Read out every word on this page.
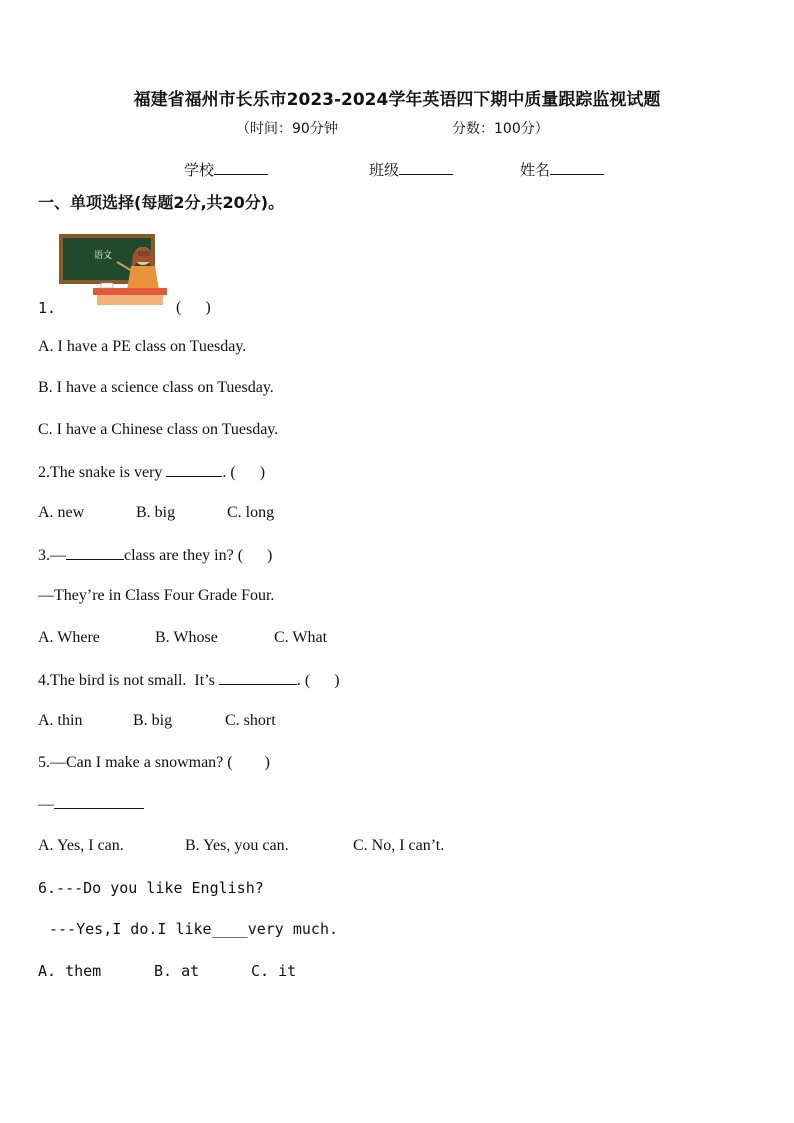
福建省福州市长乐市2023-2024学年英语四下期中质量跟踪监视试题
（时间：90分钟	分数：100分）
学校	班级	姓名
一、单项选择(每题2分,共20分)。
语文
1.	(      )
A. I have a PE class on Tuesday.
B. I have a science class on Tuesday.
C. I have a Chinese class on Tuesday.
2.The snake is very	. (      )
A. new	B. big	C. long
3.—	class are they in? (      )
—They’re in Class Four Grade Four.
A. Where	B. Whose	C. What
4.The bird is not small.  It’s	. (      )
A. thin	B. big	C. short
5.—Can I make a snowman? (        )
—
A. Yes, I can.	B. Yes, you can.	C. No, I can’t.
6.---Do you like English?
---Yes,I do.I like____very much.
A. them	B. at	C. it
